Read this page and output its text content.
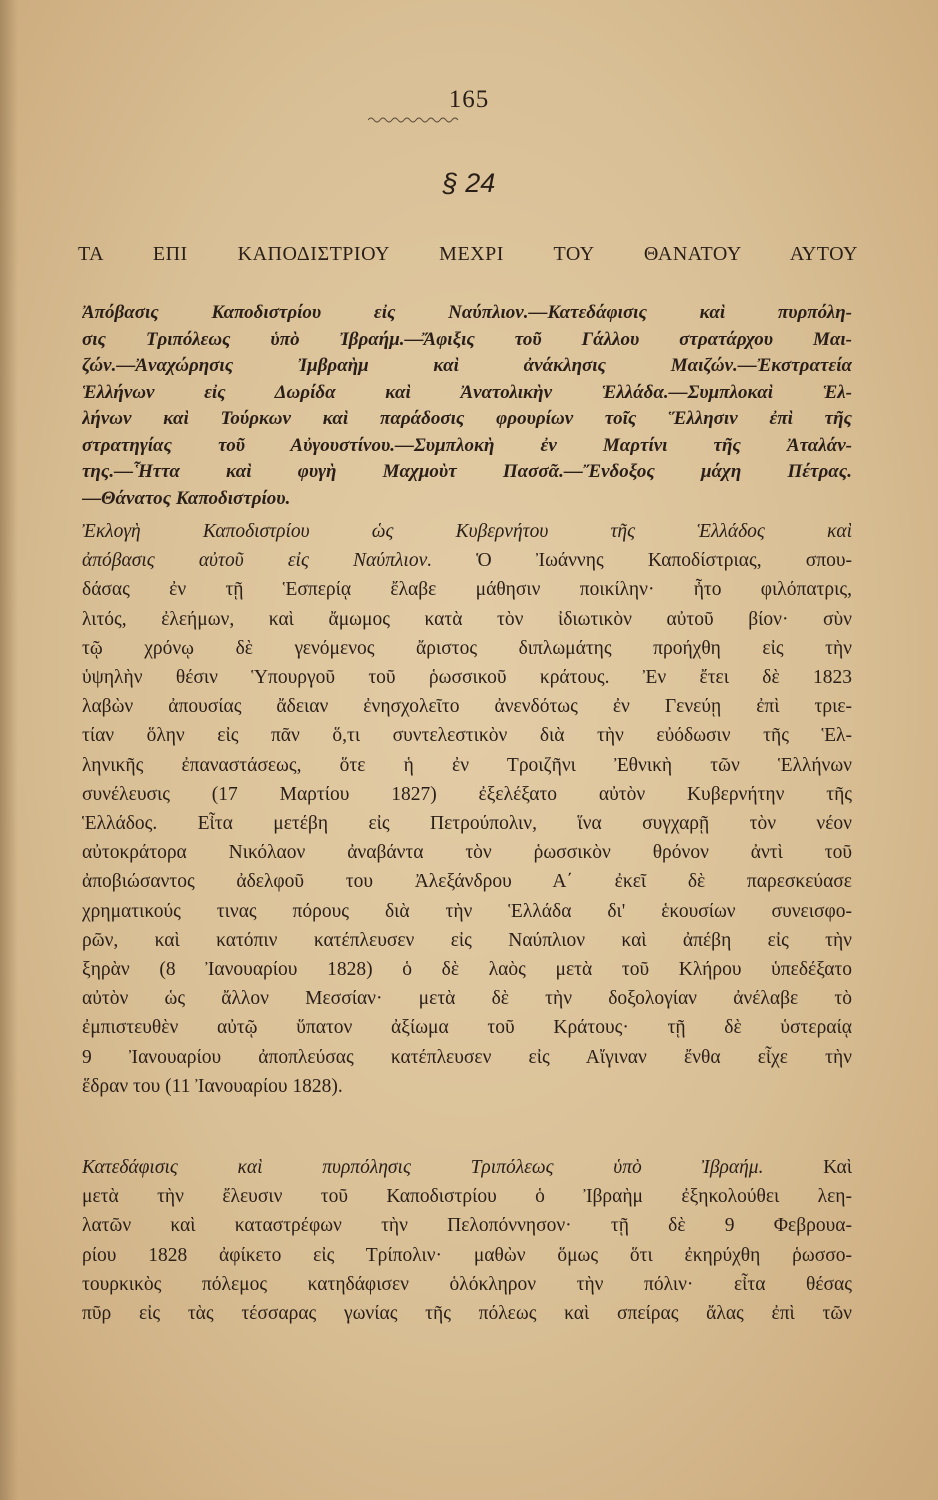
165
§ 24
ΤΑ ΕΠΙ ΚΑΠΟΔΙΣΤΡΙΟΥ ΜΕΧΡΙ ΤΟΥ ΘΑΝΑΤΟΥ ΑΥΤΟΥ
Ἀπόβασις Καποδιστρίου εἰς Ναύπλιον.—Κατεδάφισις καὶ πυρπόλη-
σις Τριπόλεως ὑπὸ Ἰβραήμ.—Ἄφιξις τοῦ Γάλλου στρατάρχου Μαι-
ζών.—Ἀναχώρησις Ἰμβραὴμ καὶ ἀνάκλησις Μαιζών.—Ἐκστρατεία
Ἑλλήνων εἰς Δωρίδα καὶ Ἀνατολικὴν Ἑλλάδα.—Συμπλοκαὶ Ἑλ-
λήνων καὶ Τούρκων καὶ παράδοσις φρουρίων τοῖς Ἕλλησιν ἐπὶ τῆς
στρατηγίας τοῦ Αὐγουστίνου.—Συμπλοκὴ ἐν Μαρτίνι τῆς Ἀταλάν-
της.—Ἧττα καὶ φυγὴ Μαχμοὺτ Πασσᾶ.—Ἔνδοξος μάχη Πέτρας.
—Θάνατος Καποδιστρίου.
Ἐκλογὴ Καποδιστρίου ὡς Κυβερνήτου τῆς Ἑλλάδος καὶ
ἀπόβασις αὐτοῦ εἰς Ναύπλιον. Ὁ Ἰωάννης Καποδίστριας, σπου-
δάσας ἐν τῇ Ἑσπερίᾳ ἔλαβε μάθησιν ποικίλην· ἦτο φιλόπατρις,
λιτός, ἐλεήμων, καὶ ἄμωμος κατὰ τὸν ἰδιωτικὸν αὐτοῦ βίον· σὺν
τῷ χρόνῳ δὲ γενόμενος ἄριστος διπλωμάτης προήχθη εἰς τὴν
ὑψηλὴν θέσιν Ὑπουργοῦ τοῦ ῥωσσικοῦ κράτους. Ἐν ἔτει δὲ 1823
λαβὼν ἀπουσίας ἄδειαν ἐνησχολεῖτο ἀνενδότως ἐν Γενεύῃ ἐπὶ τριε-
τίαν ὅλην εἰς πᾶν ὅ,τι συντελεστικὸν διὰ τὴν εὐόδωσιν τῆς Ἑλ-
ληνικῆς ἐπαναστάσεως, ὅτε ἡ ἐν Τροιζῆνι Ἐθνικὴ τῶν Ἑλλήνων
συνέλευσις (17 Μαρτίου 1827) ἐξελέξατο αὐτὸν Κυβερνήτην τῆς
Ἑλλάδος. Εἶτα μετέβη εἰς Πετρούπολιν, ἵνα συγχαρῇ τὸν νέον
αὐτοκράτορα Νικόλαον ἀναβάντα τὸν ῥωσσικὸν θρόνον ἀντὶ τοῦ
ἀποβιώσαντος ἀδελφοῦ του Ἀλεξάνδρου Α΄ ἐκεῖ δὲ παρεσκεύασε
χρηματικούς τινας πόρους διὰ τὴν Ἑλλάδα δι' ἑκουσίων συνεισφο-
ρῶν, καὶ κατόπιν κατέπλευσεν εἰς Ναύπλιον καὶ ἀπέβη εἰς τὴν
ξηρὰν (8 Ἰανουαρίου 1828) ὁ δὲ λαὸς μετὰ τοῦ Κλήρου ὑπεδέξατο
αὐτὸν ὡς ἄλλον Μεσσίαν· μετὰ δὲ τὴν δοξολογίαν ἀνέλαβε τὸ
ἐμπιστευθὲν αὐτῷ ὕπατον ἀξίωμα τοῦ Κράτους· τῇ δὲ ὑστεραίᾳ
9 Ἰανουαρίου ἀποπλεύσας κατέπλευσεν εἰς Αἴγιναν ἔνθα εἶχε τὴν
ἕδραν του (11 Ἰανουαρίου 1828).
Κατεδάφισις καὶ πυρπόλησις Τριπόλεως ὑπὸ Ἰβραήμ. Καὶ
μετὰ τὴν ἔλευσιν τοῦ Καποδιστρίου ὁ Ἰβραὴμ ἐξηκολούθει λεη-
λατῶν καὶ καταστρέφων τὴν Πελοπόννησον· τῇ δὲ 9 Φεβρουα-
ρίου 1828 ἀφίκετο εἰς Τρίπολιν· μαθὼν ὅμως ὅτι ἐκηρύχθη ῥωσσο-
τουρκικὸς πόλεμος κατηδάφισεν ὁλόκληρον τὴν πόλιν· εἶτα θέσας
πῦρ εἰς τὰς τέσσαρας γωνίας τῆς πόλεως καὶ σπείρας ἄλας ἐπὶ τῶν
